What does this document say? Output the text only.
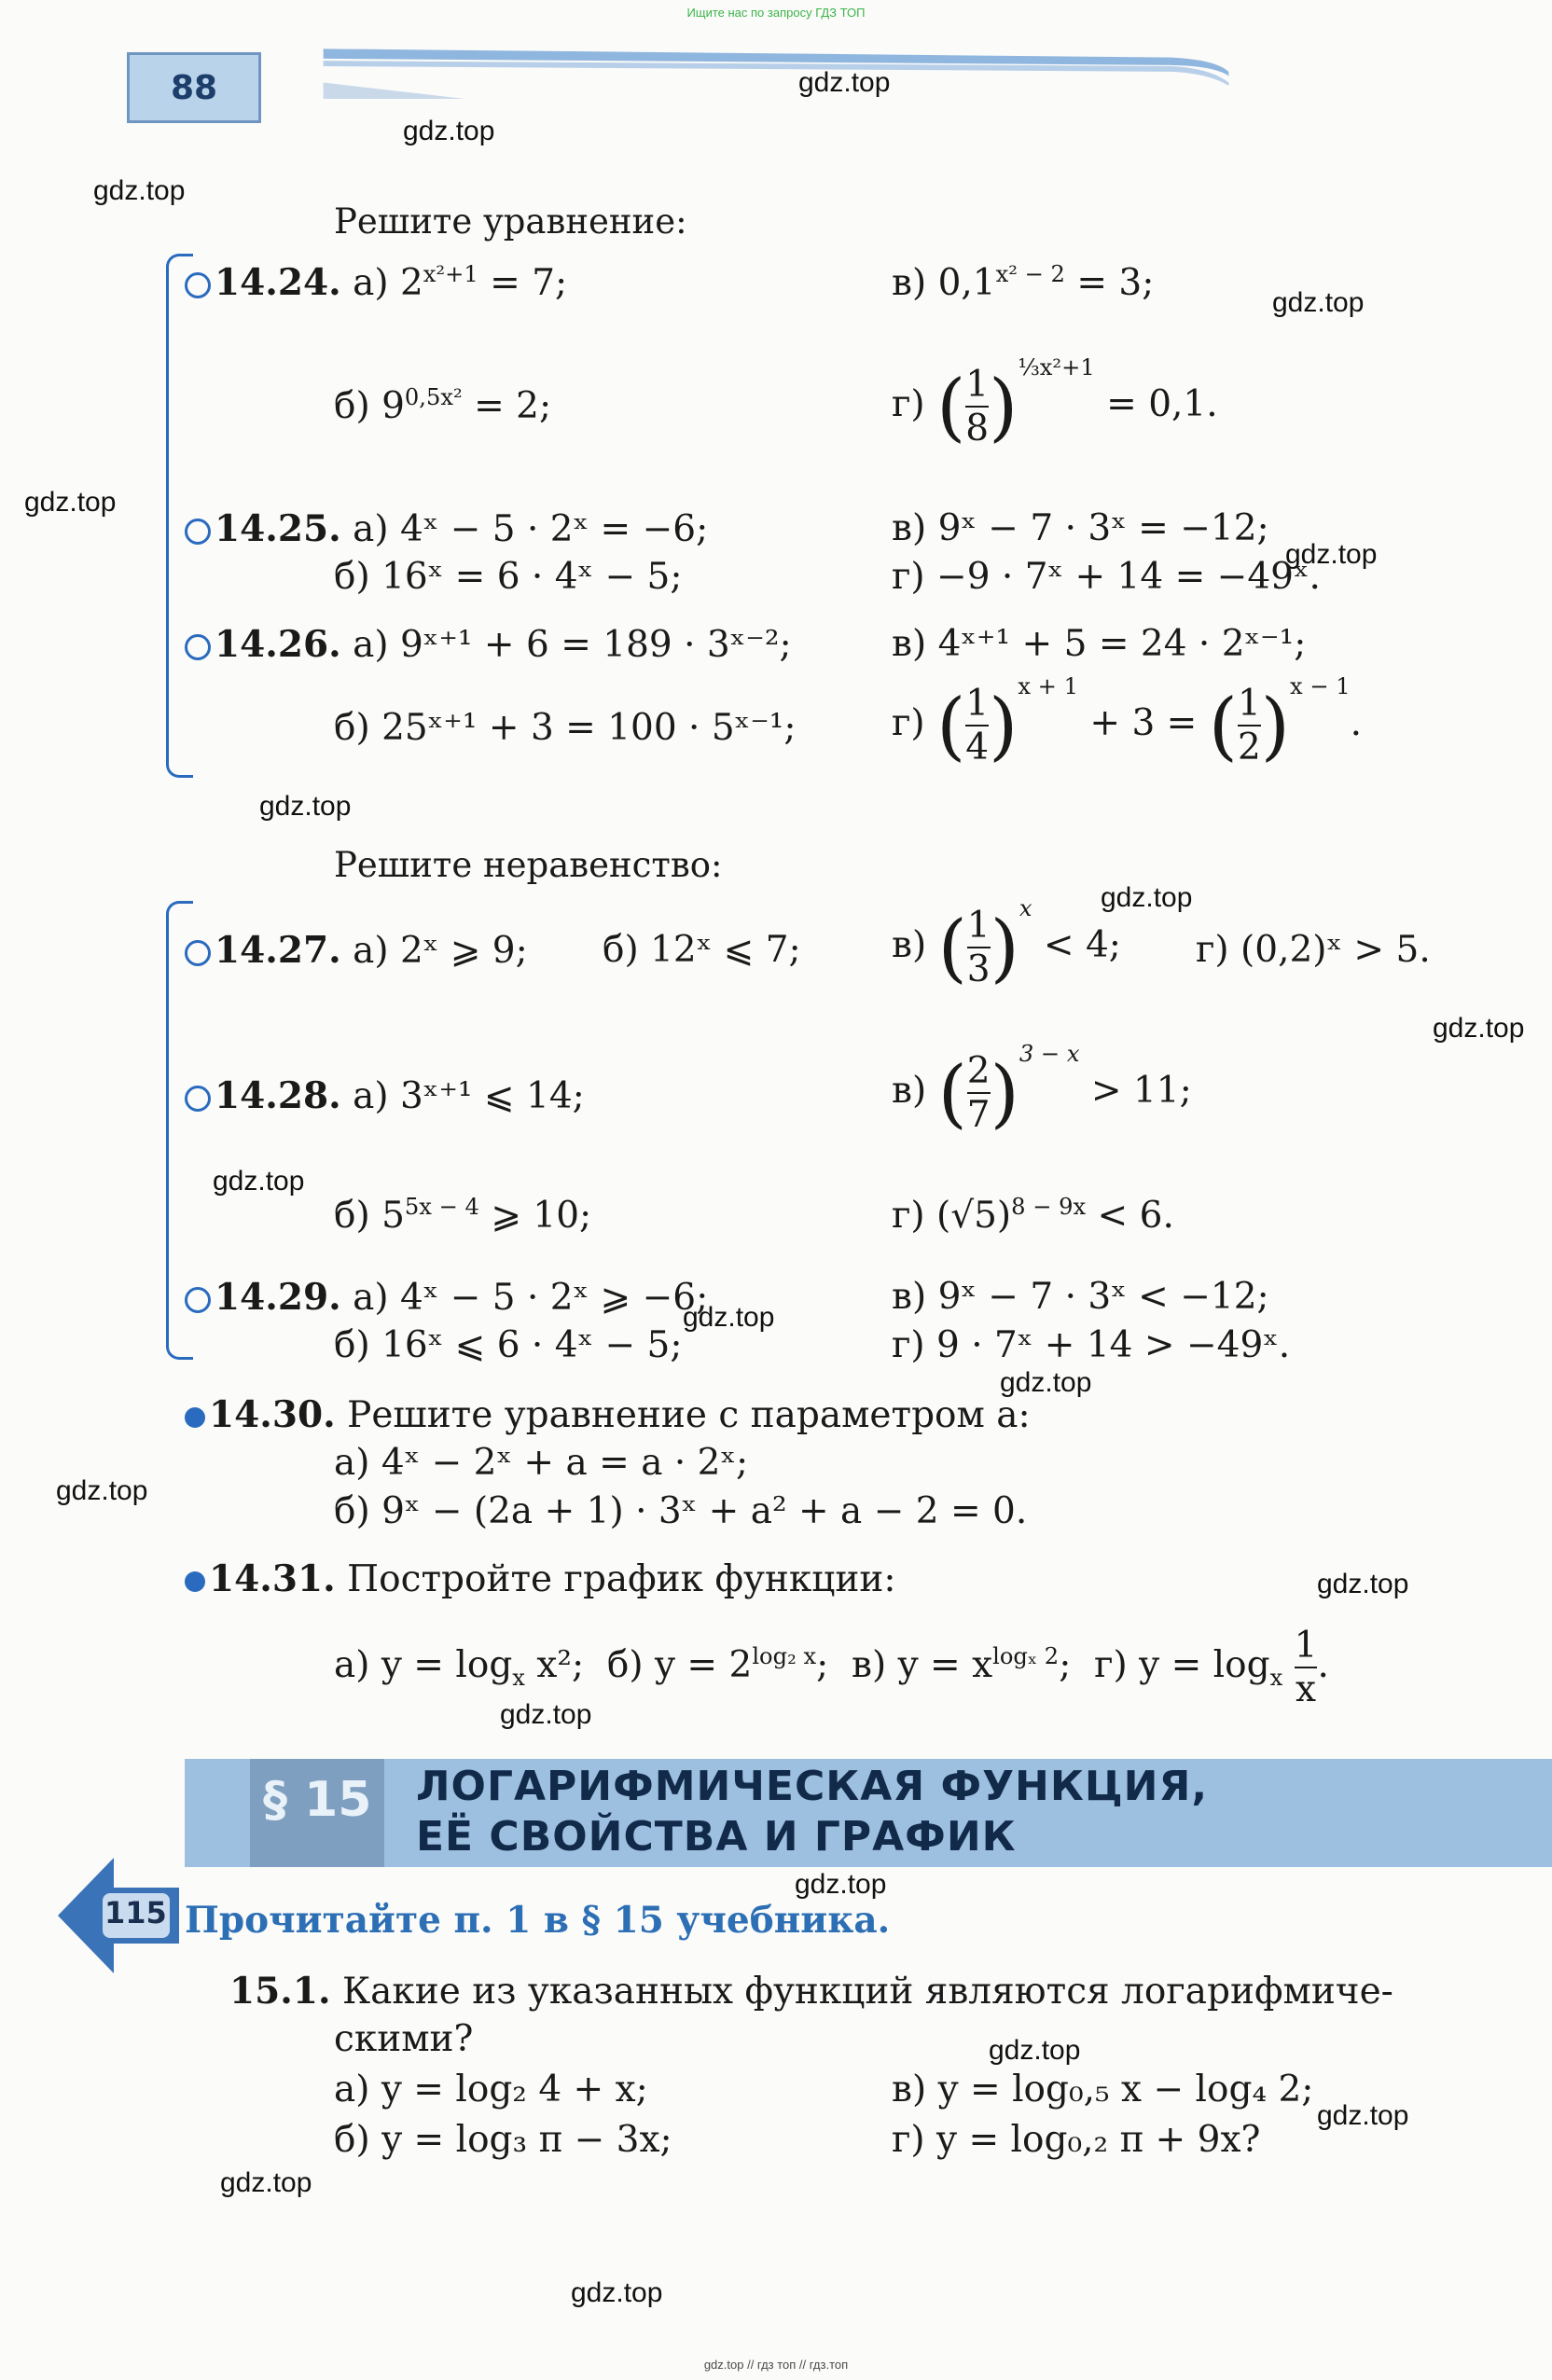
Ищите нас по запросу ГДЗ ТОП
88	gdz.top
gdz.top
gdz.top
gdz.top
gdz.top
gdz.top
gdz.top
gdz.top
gdz.top
gdz.top
gdz.top
gdz.top
gdz.top
gdz.top
gdz.top
gdz.top
gdz.top
gdz.top
gdz.top
gdz.top
Решите уравнение:
14.24. а) $2^{x^2+1} = 7$;	в) $0,1^{x^2 - 2} = 3$;
б) $9^{0,5x^2} = 2$;	г) ( $\frac{1}{8} )^{\frac{1}{3}x^2+1} = 0,1$.
14.25. а) 4ˣ − 5 · 2ˣ = −6;	в) 9ˣ − 7 · 3ˣ = −12;
б) 16ˣ = 6 · 4ˣ − 5;	г) −9 · 7ˣ + 14 = −49ˣ.
14.26. а) 9ˣ⁺¹ + 6 = 189 · 3ˣ⁻²;	в) 4ˣ⁺¹ + 5 = 24 · 2ˣ⁻¹;
б) 25ˣ⁺¹ + 3 = 100 · 5ˣ⁻¹;	г) ( $\frac{1}{4} )^{x + 1} + 3$ = ( $\frac{1}{2} )^{x - 1}$.
Решите неравенство:
14.27. а) 2ˣ ⩾ 9; б) 12ˣ ⩽ 7; в) ( $\frac{1}{3} )^x < 4$; г) (0,2)ˣ > 5.
14.28. а) 3ˣ⁺¹ ⩽ 14;	в) ( $\frac{2}{7} )^{3 - x} > 11$;
б) $5^{5x - 4}$ ⩾ 10;	г) $(√5)^{8 - 9x} < 6$.
14.29. а) 4ˣ − 5 · 2ˣ ⩾ −6;	в) 9ˣ − 7 · 3ˣ < −12;
б) 16ˣ ⩽ 6 · 4ˣ − 5;	г) 9 · 7ˣ + 14 > −49ˣ.
14.30. Решите уравнение с параметром a:
а) 4ˣ − 2ˣ + a = a · 2ˣ;
б) 9ˣ − (2a + 1) · 3ˣ + a² + a − 2 = 0.
14.31. Постройте график функции:
а) $y = \log_x x^2$; б) $y = 2^{log_2 x}$; в) $y = x^{log_x 2}$; г) $y = \log_x \frac{1}{x}$ .
§ 15 ЛОГАРИФМИЧЕСКАЯ ФУНКЦИЯ,
ЕЁ СВОЙСТВА И ГРАФИК
115 Прочитайте п. 1 в § 15 учебника.
15.1. Какие из указанных функций являются логарифмиче-
скими?
а) y = log₂ 4 + x;	в) y = log₀,₅ x − log₄ 2;
б) y = log₃ π − 3x;	г) y = log₀,₂ π + 9x?
gdz.top // гдз топ // гдз.топ
